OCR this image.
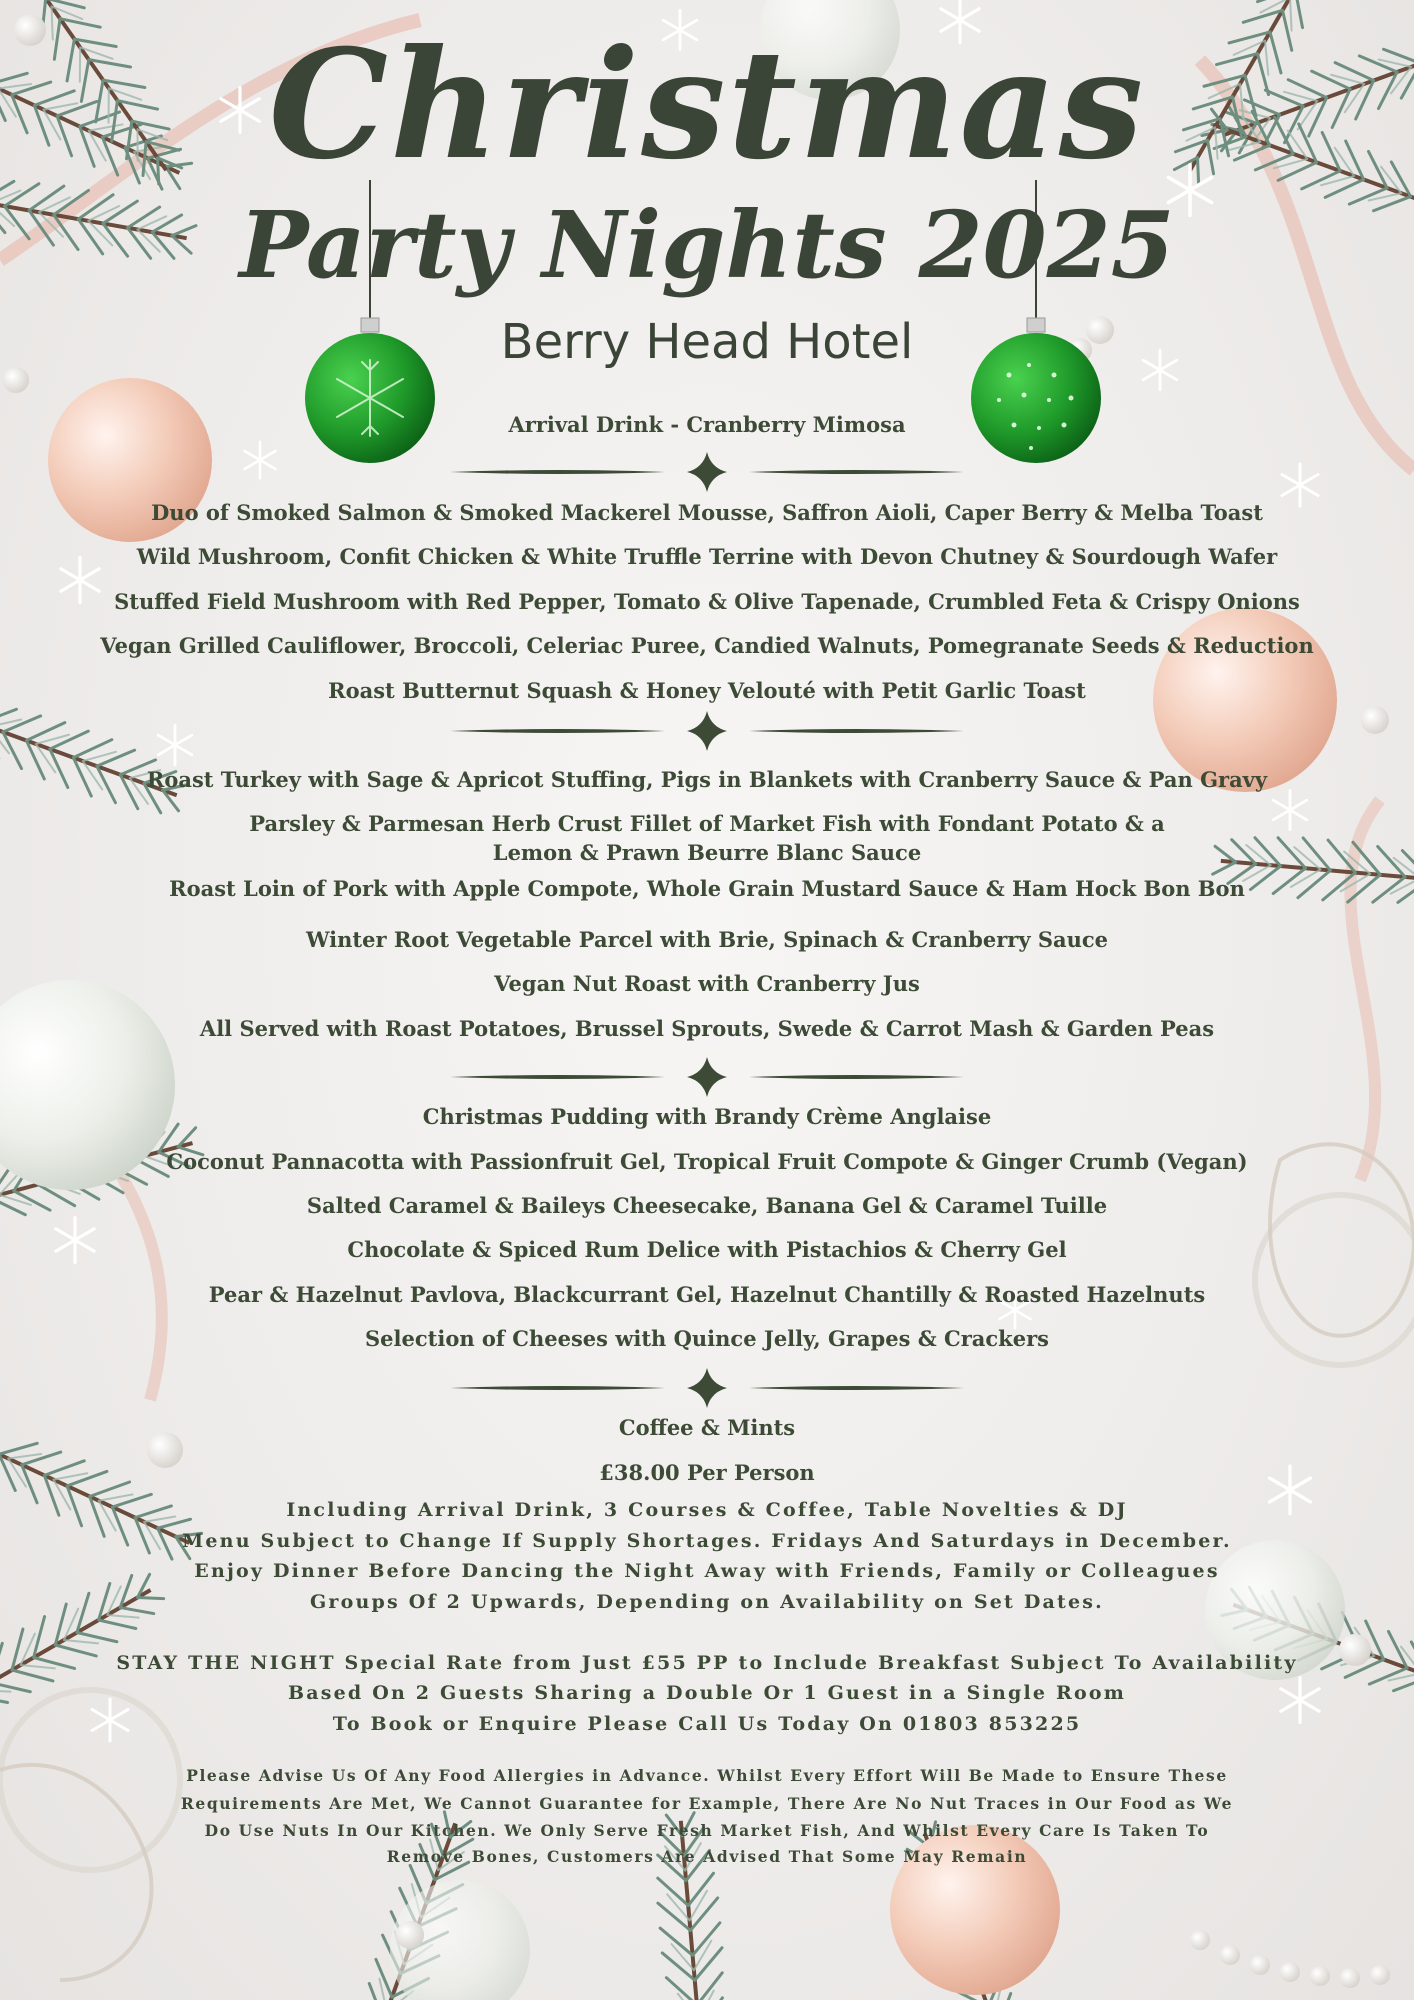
Christmas
Party Nights 2025
Berry Head Hotel
Arrival Drink - Cranberry Mimosa
Duo of Smoked Salmon & Smoked Mackerel Mousse, Saffron Aioli, Caper Berry & Melba Toast
Wild Mushroom, Confit Chicken & White Truffle Terrine with Devon Chutney & Sourdough Wafer
Stuffed Field Mushroom with Red Pepper, Tomato & Olive Tapenade, Crumbled Feta & Crispy Onions
Vegan Grilled Cauliflower, Broccoli, Celeriac Puree, Candied Walnuts, Pomegranate Seeds & Reduction
Roast Butternut Squash & Honey Velouté with Petit Garlic Toast
Roast Turkey with Sage & Apricot Stuffing, Pigs in Blankets with Cranberry Sauce & Pan Gravy
Parsley & Parmesan Herb Crust Fillet of Market Fish with Fondant Potato & a
Lemon & Prawn Beurre Blanc Sauce
Roast Loin of Pork with Apple Compote, Whole Grain Mustard Sauce & Ham Hock Bon Bon
Winter Root Vegetable Parcel with Brie, Spinach & Cranberry Sauce
Vegan Nut Roast with Cranberry Jus
All Served with Roast Potatoes, Brussel Sprouts, Swede & Carrot Mash & Garden Peas
Christmas Pudding with Brandy Crème Anglaise
Coconut Pannacotta with Passionfruit Gel, Tropical Fruit Compote & Ginger Crumb (Vegan)
Salted Caramel & Baileys Cheesecake, Banana Gel & Caramel Tuille
Chocolate & Spiced Rum Delice with Pistachios & Cherry Gel
Pear & Hazelnut Pavlova, Blackcurrant Gel, Hazelnut Chantilly & Roasted Hazelnuts
Selection of Cheeses with Quince Jelly, Grapes & Crackers
Coffee & Mints
£38.00 Per Person
Including Arrival Drink, 3 Courses & Coffee, Table Novelties & DJ
Menu Subject to Change If Supply Shortages. Fridays And Saturdays in December.
Enjoy Dinner Before Dancing the Night Away with Friends, Family or Colleagues
Groups Of 2 Upwards, Depending on Availability on Set Dates.
STAY THE NIGHT Special Rate from Just £55 PP to Include Breakfast Subject To Availability
Based On 2 Guests Sharing a Double Or 1 Guest in a Single Room
To Book or Enquire Please Call Us Today On 01803 853225
Please Advise Us Of Any Food Allergies in Advance. Whilst Every Effort Will Be Made to Ensure These
Requirements Are Met, We Cannot Guarantee for Example, There Are No Nut Traces in Our Food as We
Do Use Nuts In Our Kitchen. We Only Serve Fresh Market Fish, And Whilst Every Care Is Taken To
Remove Bones, Customers Are Advised That Some May Remain
